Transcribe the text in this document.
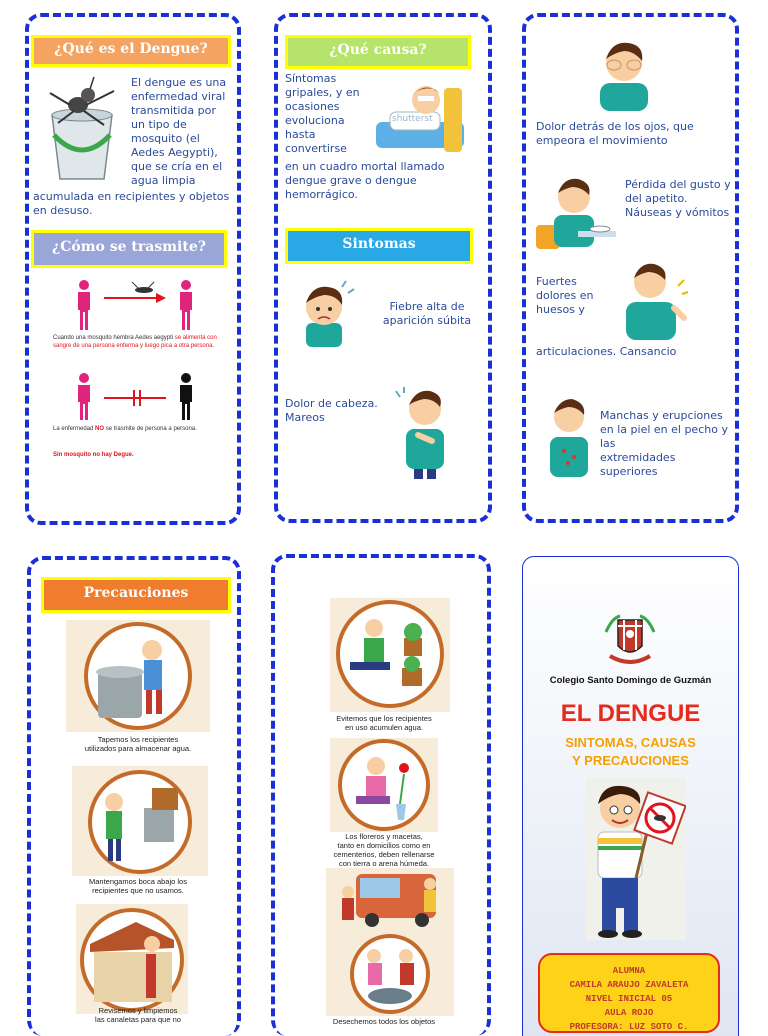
¿Qué es el Dengue?
El dengue es una
enfermedad viral
transmitida por
un tipo de
mosquito (el
Aedes Aegypti),
que se cría en el
agua limpia
acumulada en recipientes y objetos
en desuso.
¿Cómo se trasmite?
Cuando una mosquito hembra Aedes aegypti se alimenta con sangre de una persona enferma y luego pica a otra persona.
La enfermedad NO se trasmite de persona a persona.
Sin mosquito no hay Degue.
¿Qué causa?
Síntomas
gripales, y en
ocasiones
evoluciona
hasta
convertirse
shutterst
en un cuadro mortal llamado
dengue grave o dengue
hemorrágico.
Sintomas
Fiebre alta de
aparición súbita
Dolor de cabeza.
Mareos
Dolor detrás de los ojos, que
empeora el movimiento
Pérdida del gusto y
del apetito.
Náuseas y vómitos
Fuertes
dolores en
huesos y
articulaciones. Cansancio
Manchas y erupciones
en la piel en el pecho y
las
extremidades
superiores
Precauciones
Tapemos los recipientes
utilizados para almacenar agua.
Mantengamos boca abajo los
recipientes que no usamos.
Revisemos y limpiemos
las canaletas para que no
Evitemos que los recipientes
en uso acumulen agua.
Los floreros y macetas,
tanto en domicilios como en
cementerios, deben rellenarse
con tierra o arena húmeda.
Desechemos todos los objetos
Colegio Santo Domingo de Guzmán
EL DENGUE
SINTOMAS, CAUSAS
Y PRECAUCIONES
ALUMNA
CAMILA ARAUJO ZAVALETA
NIVEL INICIAL 05
AULA ROJO
PROFESORA: LUZ SOTO C.
